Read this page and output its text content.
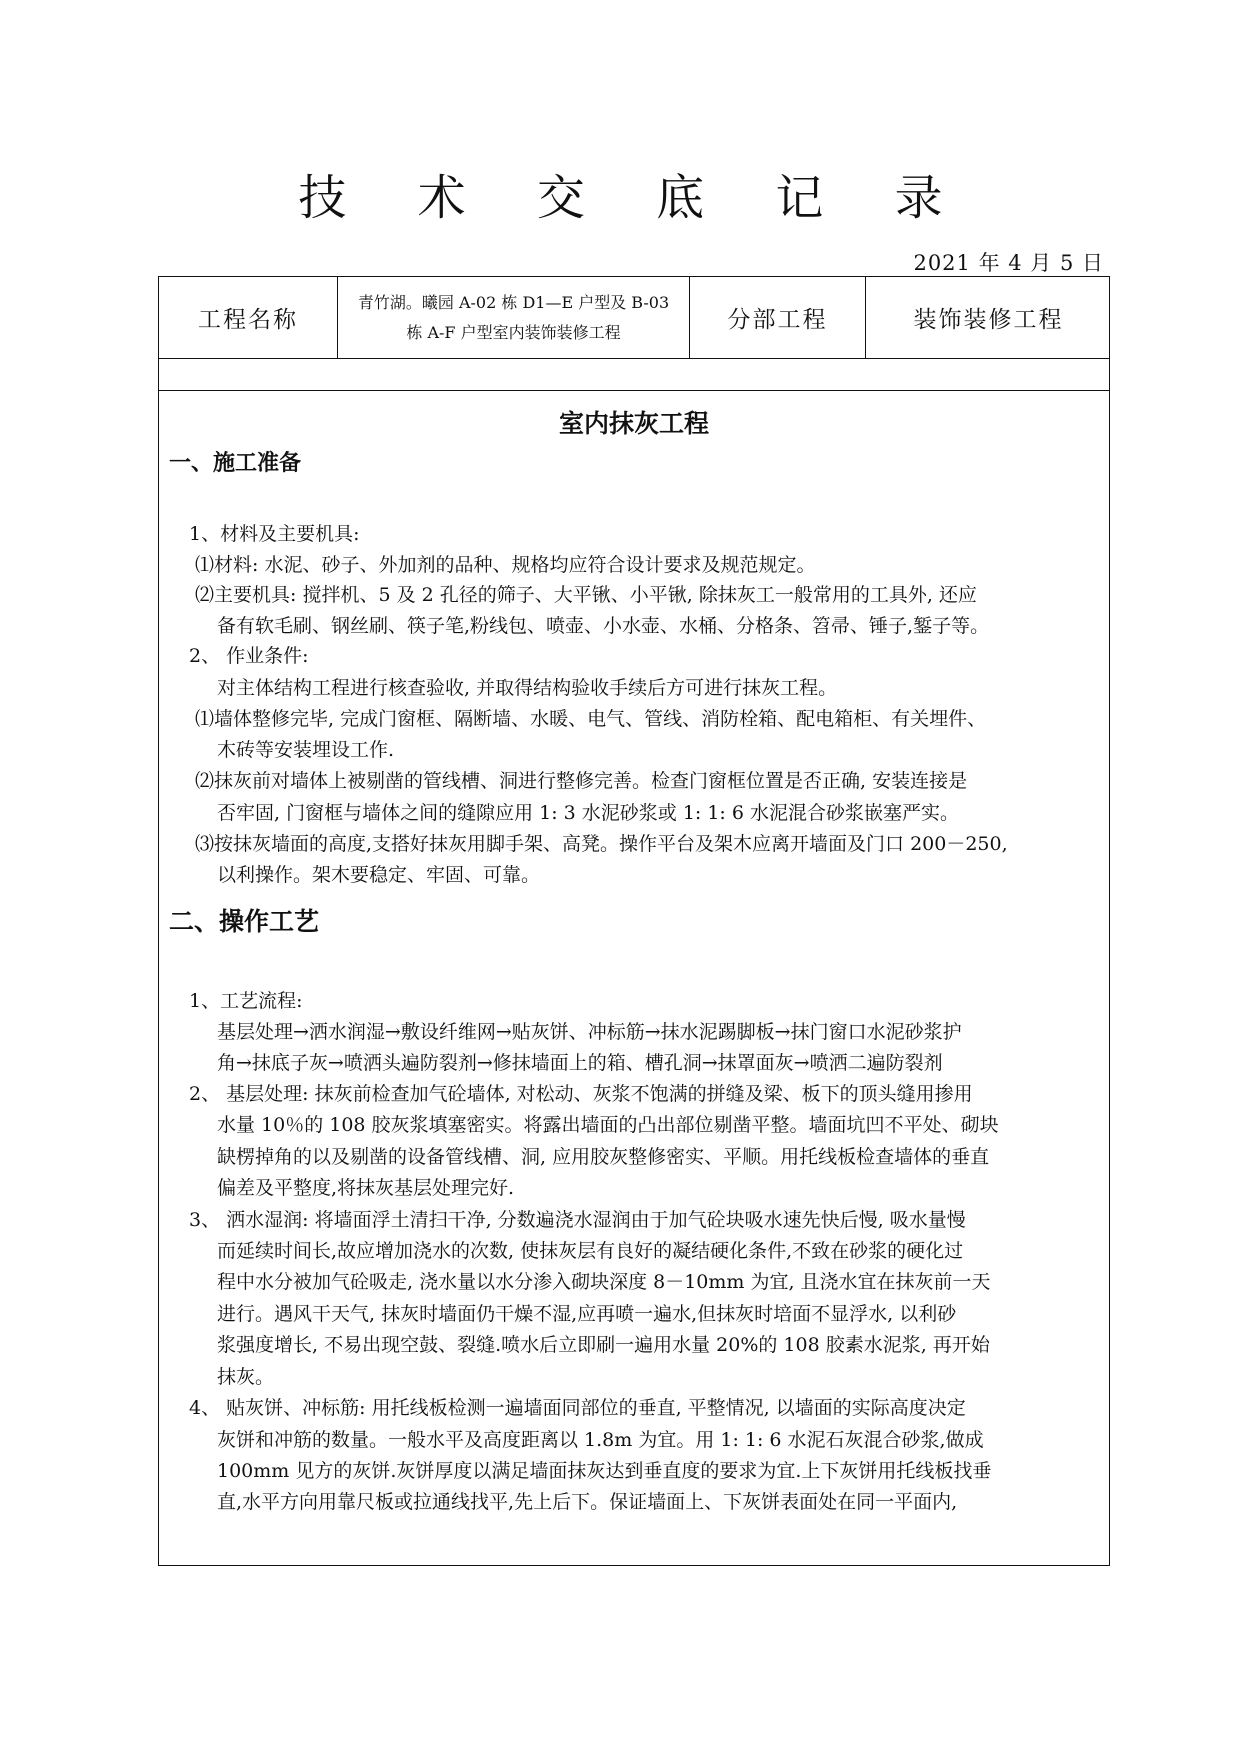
技 术 交 底 记 录
2021 年 4 月 5 日
工程名称
青竹湖。曦园 A-02 栋 D1—E 户型及 B-03
栋 A-F 户型室内装饰装修工程	分部工程	装饰装修工程
室内抹灰工程
一、施工准备
1、材料及主要机具:
⑴材料: 水泥、砂子、外加剂的品种、规格均应符合设计要求及规范规定。
⑵主要机具: 搅拌机、5 及 2 孔径的筛子、大平锹、小平锹, 除抹灰工一般常用的工具外, 还应
备有软毛刷、钢丝刷、筷子笔,粉线包、喷壶、小水壶、水桶、分格条、笤帚、锤子,錾子等。
2、 作业条件:
对主体结构工程进行核查验收, 并取得结构验收手续后方可进行抹灰工程。
⑴墙体整修完毕, 完成门窗框、隔断墙、水暖、电气、管线、消防栓箱、配电箱柜、有关埋件、
木砖等安装埋设工作.
⑵抹灰前对墙体上被剔凿的管线槽、洞进行整修完善。检查门窗框位置是否正确, 安装连接是
否牢固, 门窗框与墙体之间的缝隙应用 1: 3 水泥砂浆或 1: 1: 6 水泥混合砂浆嵌塞严实。
⑶按抹灰墙面的高度,支搭好抹灰用脚手架、高凳。操作平台及架木应离开墙面及门口 200－250,
以利操作。架木要稳定、牢固、可靠。
二、操作工艺
1、工艺流程:
基层处理→洒水润湿→敷设纤维网→贴灰饼、冲标筋→抹水泥踢脚板→抹门窗口水泥砂浆护
角→抹底子灰→喷洒头遍防裂剂→修抹墙面上的箱、槽孔洞→抹罩面灰→喷洒二遍防裂剂
2、 基层处理: 抹灰前检查加气砼墙体, 对松动、灰浆不饱满的拼缝及梁、板下的顶头缝用掺用
水量 10％的 108 胶灰浆填塞密实。将露出墙面的凸出部位剔凿平整。墙面坑凹不平处、砌块
缺楞掉角的以及剔凿的设备管线槽、洞, 应用胶灰整修密实、平顺。用托线板检查墙体的垂直
偏差及平整度,将抹灰基层处理完好.
3、 洒水湿润: 将墙面浮土清扫干净, 分数遍浇水湿润由于加气砼块吸水速先快后慢, 吸水量慢
而延续时间长,故应增加浇水的次数, 使抹灰层有良好的凝结硬化条件,不致在砂浆的硬化过
程中水分被加气砼吸走, 浇水量以水分渗入砌块深度 8－10mm 为宜, 且浇水宜在抹灰前一天
进行。遇风干天气, 抹灰时墙面仍干燥不湿,应再喷一遍水,但抹灰时培面不显浮水, 以利砂
浆强度增长, 不易出现空鼓、裂缝.喷水后立即刷一遍用水量 20%的 108 胶素水泥浆, 再开始
抹灰。
4、 贴灰饼、冲标筋: 用托线板检测一遍墙面同部位的垂直, 平整情况, 以墙面的实际高度决定
灰饼和冲筋的数量。一般水平及高度距离以 1.8m 为宜。用 1: 1: 6 水泥石灰混合砂浆,做成
100mm 见方的灰饼.灰饼厚度以满足墙面抹灰达到垂直度的要求为宜.上下灰饼用托线板找垂
直,水平方向用靠尺板或拉通线找平,先上后下。保证墙面上、下灰饼表面处在同一平面内,
